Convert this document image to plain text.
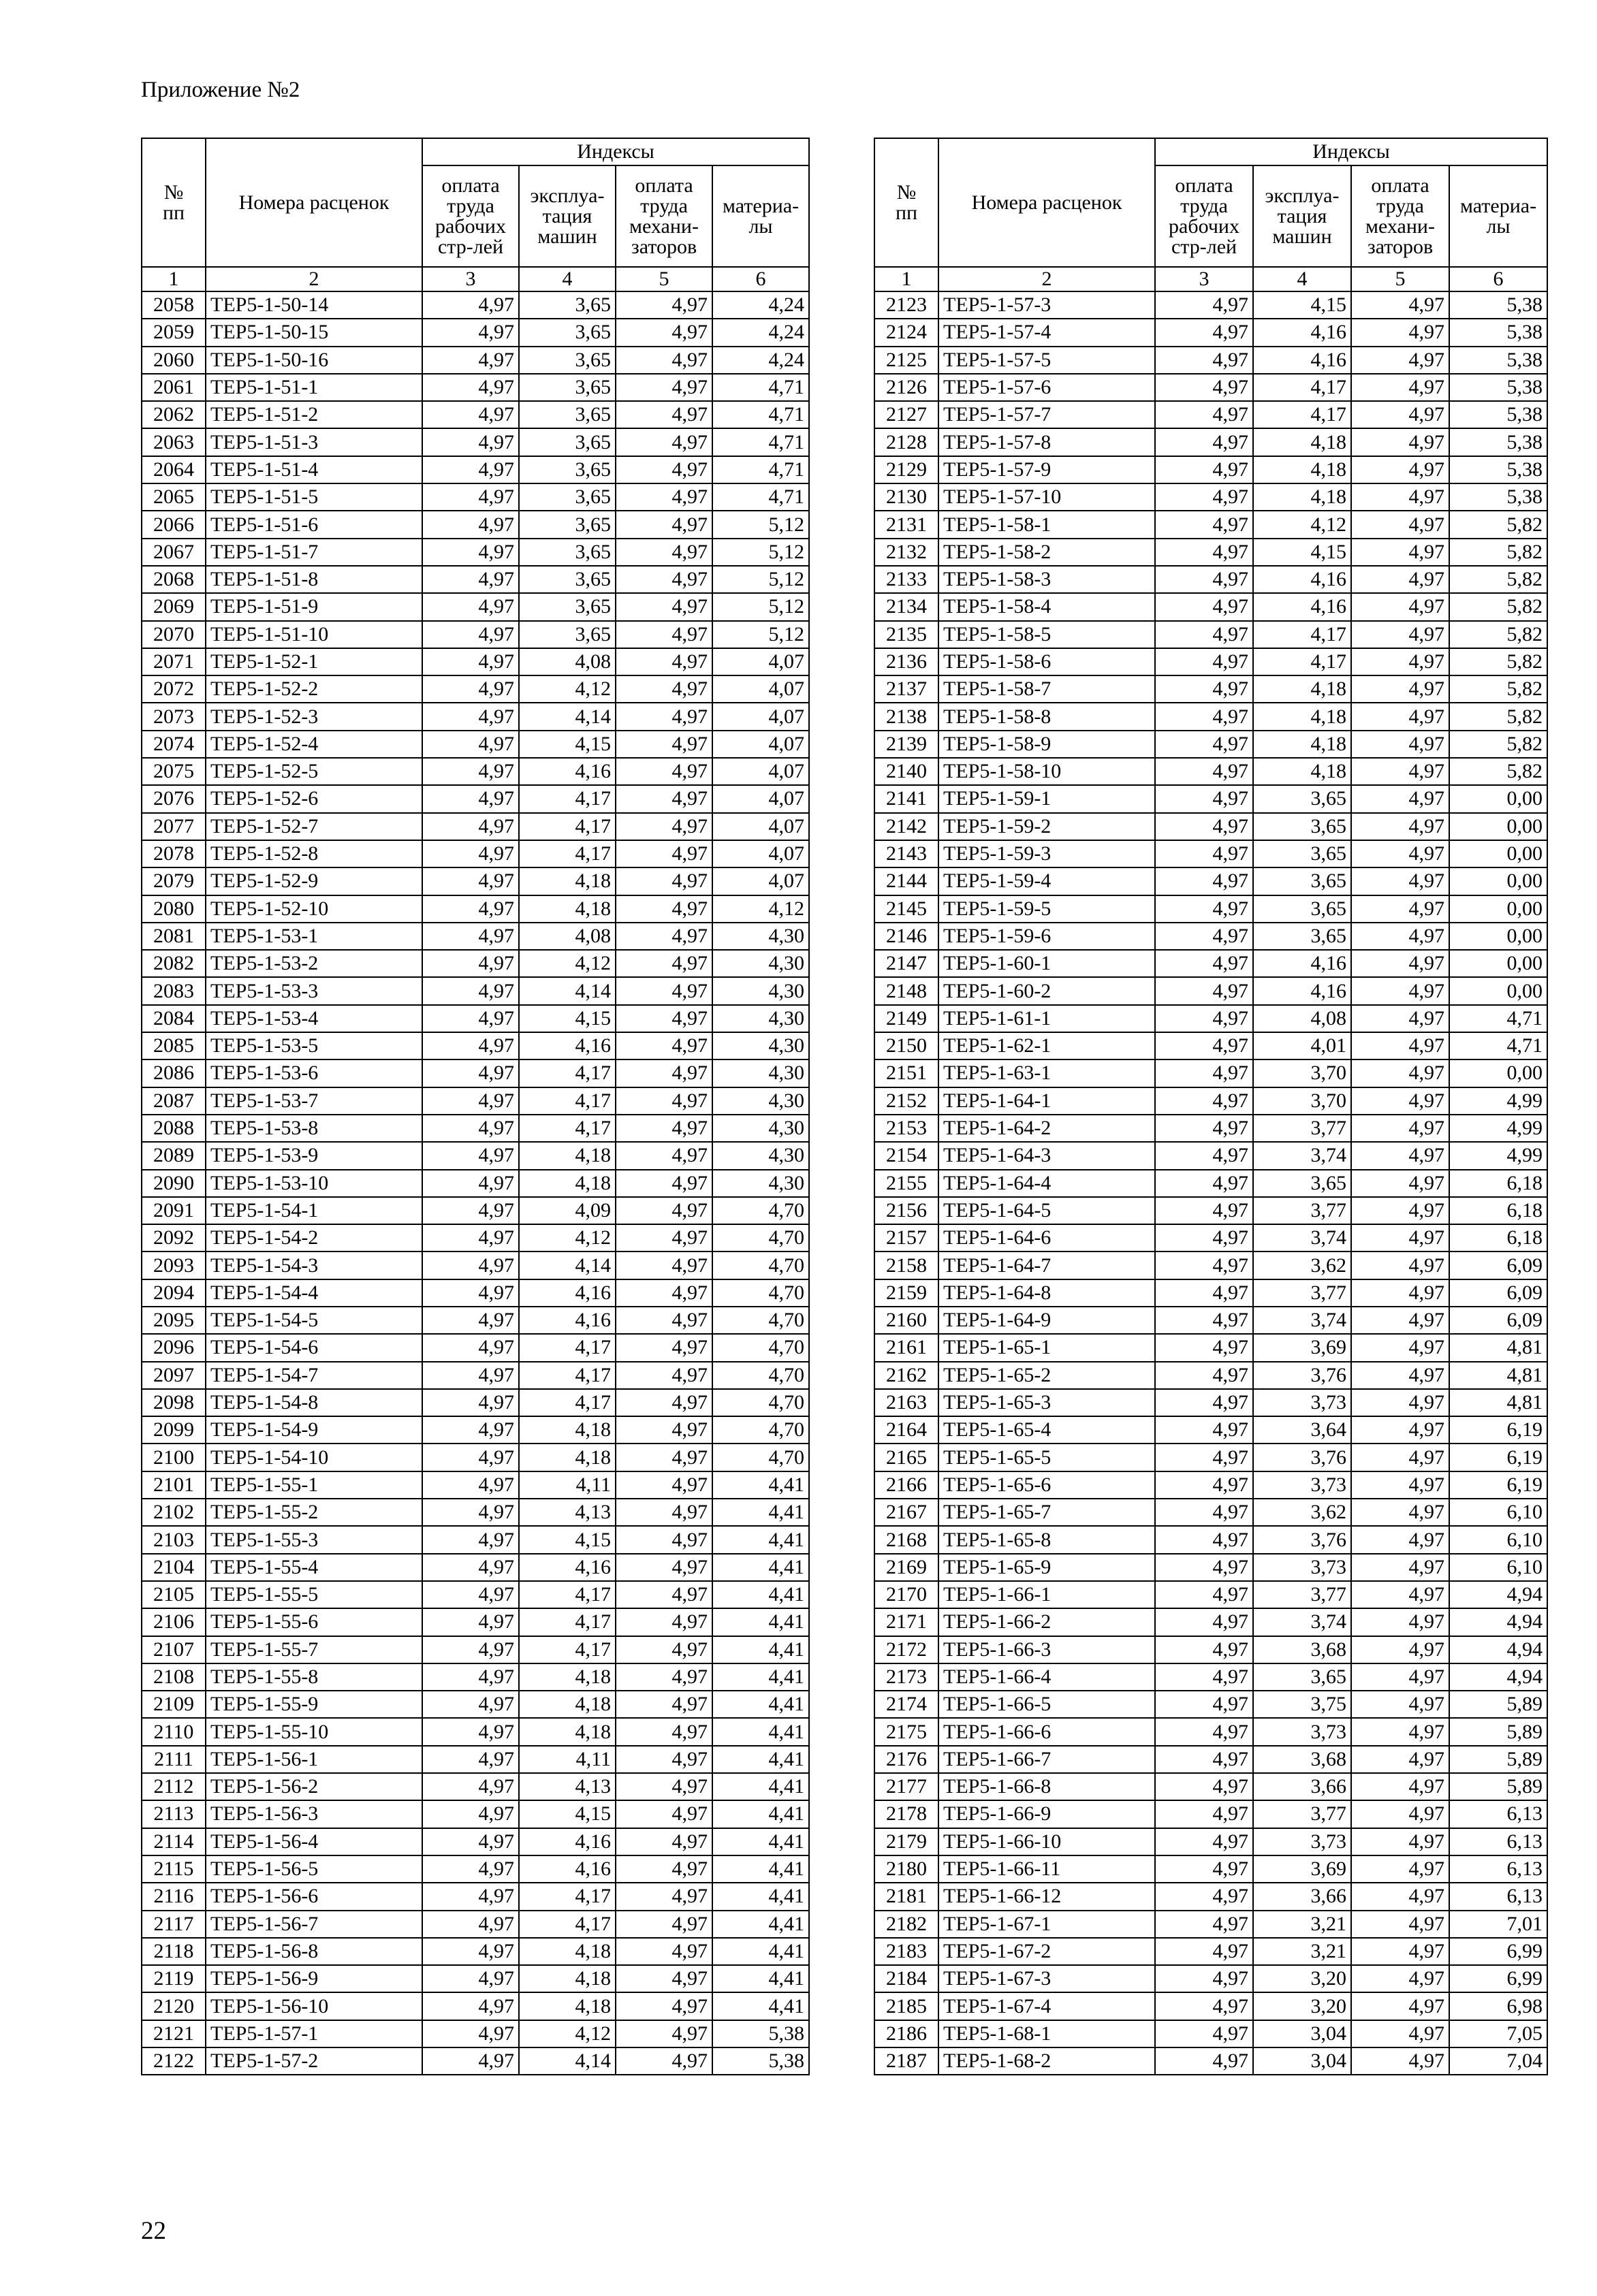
Приложение №2
№
пп	Номера расценок	Индексы			
		оплата труда рабочих стр-лей	эксплуа-тация машин	оплата труда механи-заторов	материа-лы
1	2	3	4	5	6
2058	ТЕР5-1-50-14	4,97	3,65	4,97	4,24
2059	ТЕР5-1-50-15	4,97	3,65	4,97	4,24
2060	ТЕР5-1-50-16	4,97	3,65	4,97	4,24
2061	ТЕР5-1-51-1	4,97	3,65	4,97	4,71
2062	ТЕР5-1-51-2	4,97	3,65	4,97	4,71
2063	ТЕР5-1-51-3	4,97	3,65	4,97	4,71
2064	ТЕР5-1-51-4	4,97	3,65	4,97	4,71
2065	ТЕР5-1-51-5	4,97	3,65	4,97	4,71
2066	ТЕР5-1-51-6	4,97	3,65	4,97	5,12
2067	ТЕР5-1-51-7	4,97	3,65	4,97	5,12
2068	ТЕР5-1-51-8	4,97	3,65	4,97	5,12
2069	ТЕР5-1-51-9	4,97	3,65	4,97	5,12
2070	ТЕР5-1-51-10	4,97	3,65	4,97	5,12
2071	ТЕР5-1-52-1	4,97	4,08	4,97	4,07
2072	ТЕР5-1-52-2	4,97	4,12	4,97	4,07
2073	ТЕР5-1-52-3	4,97	4,14	4,97	4,07
2074	ТЕР5-1-52-4	4,97	4,15	4,97	4,07
2075	ТЕР5-1-52-5	4,97	4,16	4,97	4,07
2076	ТЕР5-1-52-6	4,97	4,17	4,97	4,07
2077	ТЕР5-1-52-7	4,97	4,17	4,97	4,07
2078	ТЕР5-1-52-8	4,97	4,17	4,97	4,07
2079	ТЕР5-1-52-9	4,97	4,18	4,97	4,07
2080	ТЕР5-1-52-10	4,97	4,18	4,97	4,12
2081	ТЕР5-1-53-1	4,97	4,08	4,97	4,30
2082	ТЕР5-1-53-2	4,97	4,12	4,97	4,30
2083	ТЕР5-1-53-3	4,97	4,14	4,97	4,30
2084	ТЕР5-1-53-4	4,97	4,15	4,97	4,30
2085	ТЕР5-1-53-5	4,97	4,16	4,97	4,30
2086	ТЕР5-1-53-6	4,97	4,17	4,97	4,30
2087	ТЕР5-1-53-7	4,97	4,17	4,97	4,30
2088	ТЕР5-1-53-8	4,97	4,17	4,97	4,30
2089	ТЕР5-1-53-9	4,97	4,18	4,97	4,30
2090	ТЕР5-1-53-10	4,97	4,18	4,97	4,30
2091	ТЕР5-1-54-1	4,97	4,09	4,97	4,70
2092	ТЕР5-1-54-2	4,97	4,12	4,97	4,70
2093	ТЕР5-1-54-3	4,97	4,14	4,97	4,70
2094	ТЕР5-1-54-4	4,97	4,16	4,97	4,70
2095	ТЕР5-1-54-5	4,97	4,16	4,97	4,70
2096	ТЕР5-1-54-6	4,97	4,17	4,97	4,70
2097	ТЕР5-1-54-7	4,97	4,17	4,97	4,70
2098	ТЕР5-1-54-8	4,97	4,17	4,97	4,70
2099	ТЕР5-1-54-9	4,97	4,18	4,97	4,70
2100	ТЕР5-1-54-10	4,97	4,18	4,97	4,70
2101	ТЕР5-1-55-1	4,97	4,11	4,97	4,41
2102	ТЕР5-1-55-2	4,97	4,13	4,97	4,41
2103	ТЕР5-1-55-3	4,97	4,15	4,97	4,41
2104	ТЕР5-1-55-4	4,97	4,16	4,97	4,41
2105	ТЕР5-1-55-5	4,97	4,17	4,97	4,41
2106	ТЕР5-1-55-6	4,97	4,17	4,97	4,41
2107	ТЕР5-1-55-7	4,97	4,17	4,97	4,41
2108	ТЕР5-1-55-8	4,97	4,18	4,97	4,41
2109	ТЕР5-1-55-9	4,97	4,18	4,97	4,41
2110	ТЕР5-1-55-10	4,97	4,18	4,97	4,41
2111	ТЕР5-1-56-1	4,97	4,11	4,97	4,41
2112	ТЕР5-1-56-2	4,97	4,13	4,97	4,41
2113	ТЕР5-1-56-3	4,97	4,15	4,97	4,41
2114	ТЕР5-1-56-4	4,97	4,16	4,97	4,41
2115	ТЕР5-1-56-5	4,97	4,16	4,97	4,41
2116	ТЕР5-1-56-6	4,97	4,17	4,97	4,41
2117	ТЕР5-1-56-7	4,97	4,17	4,97	4,41
2118	ТЕР5-1-56-8	4,97	4,18	4,97	4,41
2119	ТЕР5-1-56-9	4,97	4,18	4,97	4,41
2120	ТЕР5-1-56-10	4,97	4,18	4,97	4,41
2121	ТЕР5-1-57-1	4,97	4,12	4,97	5,38
2122	ТЕР5-1-57-2	4,97	4,14	4,97	5,38
№
пп	Номера расценок	Индексы			
		оплата труда рабочих стр-лей	эксплуа-тация машин	оплата труда механи-заторов	материа-лы
1	2	3	4	5	6
2123	ТЕР5-1-57-3	4,97	4,15	4,97	5,38
2124	ТЕР5-1-57-4	4,97	4,16	4,97	5,38
2125	ТЕР5-1-57-5	4,97	4,16	4,97	5,38
2126	ТЕР5-1-57-6	4,97	4,17	4,97	5,38
2127	ТЕР5-1-57-7	4,97	4,17	4,97	5,38
2128	ТЕР5-1-57-8	4,97	4,18	4,97	5,38
2129	ТЕР5-1-57-9	4,97	4,18	4,97	5,38
2130	ТЕР5-1-57-10	4,97	4,18	4,97	5,38
2131	ТЕР5-1-58-1	4,97	4,12	4,97	5,82
2132	ТЕР5-1-58-2	4,97	4,15	4,97	5,82
2133	ТЕР5-1-58-3	4,97	4,16	4,97	5,82
2134	ТЕР5-1-58-4	4,97	4,16	4,97	5,82
2135	ТЕР5-1-58-5	4,97	4,17	4,97	5,82
2136	ТЕР5-1-58-6	4,97	4,17	4,97	5,82
2137	ТЕР5-1-58-7	4,97	4,18	4,97	5,82
2138	ТЕР5-1-58-8	4,97	4,18	4,97	5,82
2139	ТЕР5-1-58-9	4,97	4,18	4,97	5,82
2140	ТЕР5-1-58-10	4,97	4,18	4,97	5,82
2141	ТЕР5-1-59-1	4,97	3,65	4,97	0,00
2142	ТЕР5-1-59-2	4,97	3,65	4,97	0,00
2143	ТЕР5-1-59-3	4,97	3,65	4,97	0,00
2144	ТЕР5-1-59-4	4,97	3,65	4,97	0,00
2145	ТЕР5-1-59-5	4,97	3,65	4,97	0,00
2146	ТЕР5-1-59-6	4,97	3,65	4,97	0,00
2147	ТЕР5-1-60-1	4,97	4,16	4,97	0,00
2148	ТЕР5-1-60-2	4,97	4,16	4,97	0,00
2149	ТЕР5-1-61-1	4,97	4,08	4,97	4,71
2150	ТЕР5-1-62-1	4,97	4,01	4,97	4,71
2151	ТЕР5-1-63-1	4,97	3,70	4,97	0,00
2152	ТЕР5-1-64-1	4,97	3,70	4,97	4,99
2153	ТЕР5-1-64-2	4,97	3,77	4,97	4,99
2154	ТЕР5-1-64-3	4,97	3,74	4,97	4,99
2155	ТЕР5-1-64-4	4,97	3,65	4,97	6,18
2156	ТЕР5-1-64-5	4,97	3,77	4,97	6,18
2157	ТЕР5-1-64-6	4,97	3,74	4,97	6,18
2158	ТЕР5-1-64-7	4,97	3,62	4,97	6,09
2159	ТЕР5-1-64-8	4,97	3,77	4,97	6,09
2160	ТЕР5-1-64-9	4,97	3,74	4,97	6,09
2161	ТЕР5-1-65-1	4,97	3,69	4,97	4,81
2162	ТЕР5-1-65-2	4,97	3,76	4,97	4,81
2163	ТЕР5-1-65-3	4,97	3,73	4,97	4,81
2164	ТЕР5-1-65-4	4,97	3,64	4,97	6,19
2165	ТЕР5-1-65-5	4,97	3,76	4,97	6,19
2166	ТЕР5-1-65-6	4,97	3,73	4,97	6,19
2167	ТЕР5-1-65-7	4,97	3,62	4,97	6,10
2168	ТЕР5-1-65-8	4,97	3,76	4,97	6,10
2169	ТЕР5-1-65-9	4,97	3,73	4,97	6,10
2170	ТЕР5-1-66-1	4,97	3,77	4,97	4,94
2171	ТЕР5-1-66-2	4,97	3,74	4,97	4,94
2172	ТЕР5-1-66-3	4,97	3,68	4,97	4,94
2173	ТЕР5-1-66-4	4,97	3,65	4,97	4,94
2174	ТЕР5-1-66-5	4,97	3,75	4,97	5,89
2175	ТЕР5-1-66-6	4,97	3,73	4,97	5,89
2176	ТЕР5-1-66-7	4,97	3,68	4,97	5,89
2177	ТЕР5-1-66-8	4,97	3,66	4,97	5,89
2178	ТЕР5-1-66-9	4,97	3,77	4,97	6,13
2179	ТЕР5-1-66-10	4,97	3,73	4,97	6,13
2180	ТЕР5-1-66-11	4,97	3,69	4,97	6,13
2181	ТЕР5-1-66-12	4,97	3,66	4,97	6,13
2182	ТЕР5-1-67-1	4,97	3,21	4,97	7,01
2183	ТЕР5-1-67-2	4,97	3,21	4,97	6,99
2184	ТЕР5-1-67-3	4,97	3,20	4,97	6,99
2185	ТЕР5-1-67-4	4,97	3,20	4,97	6,98
2186	ТЕР5-1-68-1	4,97	3,04	4,97	7,05
2187	ТЕР5-1-68-2	4,97	3,04	4,97	7,04
22
